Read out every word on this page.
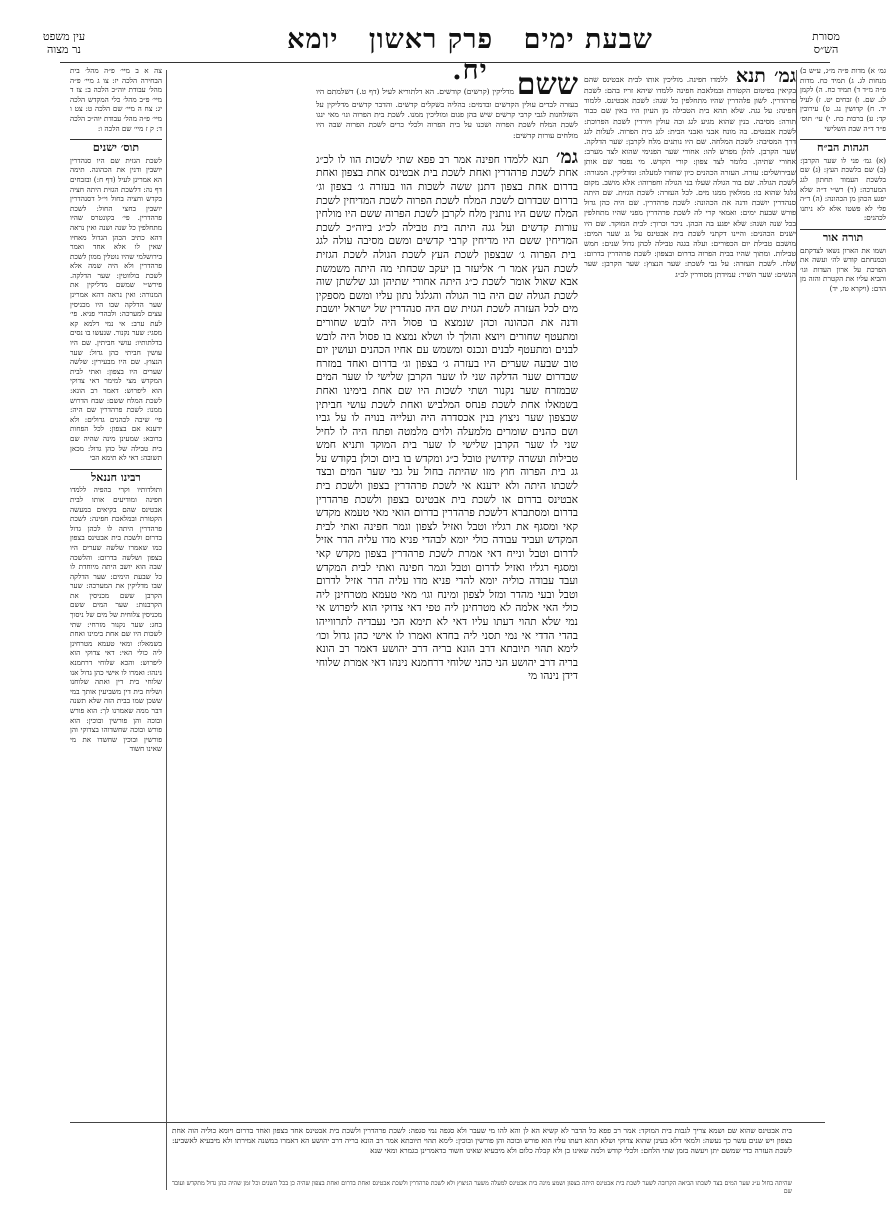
שבעת ימים פרק ראשון יומא יח.
מסורת
הש״ס
עין משפט
נר מצוה
גמ׳ א) מדות פ״ה מ״ג, ע״ש ב) מנחות לג. ג) תמיד כח. מדות פ״ה מ״ד ד) תמיד כח. ה) לקמן לג. שם. ו) זבחים יט. ז) לעיל יד. ח) קדושין נג. ט) עירובין קד: ע) ברכות כח. י) עי׳ תוס׳ פ״ד ד״ה שבת השלישי
הגהות הב״ח
(א) גמ׳ פני לו שער הקרבן: (ב) שם בלשכת העץ: (ג) שם בלשכת העמוד תחתון לגג המערכה: (ד) רש״י ד״ה שלא יפגע הכהן מן הכהונה: (ה) ד״ה פלי לא פשטו אלא לא ניתנו לכהנים:
תורה אור
ושמו את הארון נשאו לצדקתם ובמנחתם קודש לה׳ ועשה את הפרכת על ארון העדות וגו׳ והביא עליו את הקטרת והזה מן הדם: (ויקרא טז, יד)
גמ׳ תנא ללמדו חפינה. מוליכין אותו לבית אבטינס שהם בקיאין בפיטום הקטורת ובמלאכת חפינה ללמדו שיהא זריז בהם: לשכת פרהדרין. לשון פלהדרין שהיו מתחלפין כל שנה: לשכת אבטינס. ללמוד חפינה: על גגה. שלא תהא בית הטבילה מן העיון היו באין שם כבוד תורה: מסיבה. בנין שהוא מגיע לגג ובה עולין ויורדין לשכת הפרוכת: לשכת אבנטים. בה מונח אבני ואבני הבית: לגג בית הפרוה. לעלות לגג דרך המסיבה: לשכת המלחה. שם היו נותנים מלח לקרבן: שער הדלקה. שער הקרבן. להלן מפרש להו: אחורי שער הפנימי שהוא לצד מערב: אחורי שתיהן. כלומר לצד צפון: קורי הקדש. מי נפסד שם אותן שבירושלים: עזרה. העזרה הכהנים כיון שחזרו למעלה: ומדליקין. המנורה: לשכת הגולה. שם בור הגולה שעלו בני הגולה וחפרוהו: אלא מושב. מקום גלגל שהוא בו: ממלאין ממנו מים. לכל העזרה: לשכת הגזית. שם היתה סנהדרין יושבת ודנה את הכהונה: לשכת פרהדרין. שם היה כהן גדול פורש שבעת ימים: ואמאי קרי לה לשכת פרהדרין מפני שהיו מתחלפין בכל שנה ושנה: שלא יפגע בה הכהן. ניכר וכרוך: לבית המוקד. שם היו ישנים הכהנים: והיינו דקתני לשכת בית אבטינס על גג שער המים: מושבם טבילת יום הכפורים: ועלה בגגה טבילה לכהן גדול שנים: חמש טבילות. ומתוך שהיו בבית הפרוה בדרום ובצפון: לשכת פרהדרין בדרום: שלח. לשכת העזרה: על גבי לשכת: שער הנצוץ: שער הקרבן: שער הנשים: שער השיר: עמידתן מסודרין לכ״ג
ששם מדליקין (קרשים) קודשים. הא דלתוריא לעיל (דף ט.) דשלמתם היו בעזרה לבדים עולין הקדשים ובדמים: בהליה בשקלים קדשים. והדבר קדשים מדליקין על השולחנות לגבי קרבי קרשים שיש בהן פגום ומוליכין ממנו. לשכת בית הפרוה ונו׳ מאי ינגו לשכת המלח לשכת הפרוה ושכנו על בית הפרוה ולכלי כרים לשכת הפרוה שבה היו מולחים עורות קדשים:
גמ׳ תנא ללמדו חפינה אמר רב פפא שתי לשכות הוו לו לכ״ג אחת לשכת פרהדרין ואחת לשכת בית אבטינס אחת בצפון ואחת בדרום אחת בצפון דתנן ששה לשכות הוו בעזרה ג׳ בצפון וג׳ בדרום שבדרום לשכת המלח לשכת הפרוה לשכת המדיחין לשכת המלח ששם היו נותנין מלח לקרבן לשכת הפרוה ששם היו מולחין עורות קדשים ועל גגה היתה בית טבילה לכ״ג ביוה״כ לשכת המדיחין ששם היו מדיחין קרבי קדשים ומשם מסיבה עולה לגג בית הפרוה ג׳ שבצפון לשכת העץ לשכת הגולה לשכת הגזית לשכת העץ אמר ר׳ אליעזר בן יעקב שכחתי מה היתה משמשת אבא שאול אומר לשכת כ״ג היתה אחורי שתיהן וגג שלשתן שוה לשכת הגולה שם היה בור הגולה והגלגל נתון עליו ומשם מספקין מים לכל העזרה לשכת הגזית שם היה סנהדרין של ישראל יושבת ודנה את הכהונה וכהן שנמצא בו פסול היה לובש שחורים ומתעטף שחורים ויוצא והולך לו ושלא נמצא בו פסול היה לובש לבנים ומתעטף לבנים ונכנס ומשמש עם אחיו הכהנים ועושין יום טוב שבעה שערים היו בעזרה ג׳ בצפון וג׳ בדרום ואחד במזרח שבדרום שער הדלקה שני לו שער הקרבן שלישי לו שער המים שבמזרח שער נקנור ושתי לשכות היו שם אחת בימינו ואחת בשמאלו אחת לשכת פנחס המלביש ואחת לשכת עושי חביתין שבצפון שער ניצוץ בנין אכסדרה היה ועלייה בנויה לו על גביו ושם כהנים שומרים מלמעלה ולוים מלמטה ופתח היה לו לחיל שני לו שער הקרבן שלישי לו שער בית המוקד ותניא חמש טבילות ועשרה קידושין טובל כ״ג ומקדש בו ביום וכולן בקודש על גג בית הפרוה חוץ מזו שהיתה בחול על גבי שער המים ובצד לשכתו היתה ולא ידענא אי לשכת פרהדרין בצפון ולשכת בית אבטינס בדרום או לשכת בית אבטינס בצפון ולשכת פרהדרין בדרום ומסתברא דלשכת פרהדרין בדרום הואי מאי טעמא מקדש קאי ומסגף את רגליו וטבל ואזיל לצפון וגמר חפינה ואתי לבית המקדש ועביד עבודה כולי יומא לבהדי פניא מדו עליה הדר אזיל לדרום וטבל ונייח דאי אמרת לשכת פרהדרין בצפון מקדש קאי ומסגף רגליו ואזיל לדרום וטבל וגמר חפינה ואתי לבית המקדש ועבד עבודה כוליה יומא להדי פניא מדו עליה הדר אזיל לדרום וטבל ובעי מהדר ומזל לצפון ומינח וגו׳ מאי טעמא מטרחינן ליה כולי האי אלמה לא מטרחינן ליה טפי דאי צדוקי הוא ליפרוש אי נמי שלא תהוי דעתו עליו דאי לא תימא הכי נעבדיה לתרווייהו בהדי הדדי אי נמי תסני ליה בחדא ואמרו לו אישי כהן גדול וכו׳ לימא תהוי תיובתא דרב הונא בריה דרב יהושע דאמר רב הונא בריה דרב יהושע הני כהני שלוחי דרחמנא נינהו דאי אמרת שלוחי דידן נינהו מי
צה א ב מיי׳ פ״ה מהל׳ בית הבחירה הלכה יז: צו ג מיי׳ פ״ה מהל׳ עבודת יוה״כ הלכה ב: צז ד מיי׳ פ״ב מהל׳ כלי המקדש הלכה יג: צח ה מיי׳ שם הלכה ט: צט ו מיי׳ פ״ה מהל׳ עבודת יוה״כ הלכה ד: ק ז מיי׳ שם הלכה ו:
תוס׳ ישנים
לשכת הגזית שם היו סנהדרין יושבין ודנין את הכהונה. תימה הא אמרינן לעיל (דף ח:) ובזבחים דף נה: דלשכת הגזית היתה חציה בקדש וחציה בחול וי״ל דסנהדרין יושבין בחצי החול: לשכת פרהדרין. פי׳ בקונטרס שהיו מתחלפין כל שנה ושנה ואין נראה דהא כתיב הכהן הגדול מאחיו שאין לו אלא אחד ואמר בירושלמי שהיו נוטלין ממון לשכת פרהדרין ולא היה שמה אלא לשכת בולווטין: שער הדלקה. פירש״י שמשם מדליקין את המנורה: ואין נראה דהא אמרינן שער הדלקה שבו היו מכניסין עצים למערכה: ולבהדי פניא. פי׳ לעת ערב: אי נמי דלמא קא מסגי: שער נקנור. שנעשו בו נסים בדלתותיו: עושי חביתין. שם היו עושין חביתי כהן גדול: שער הנצוץ. שם היו מבעירין: שלשה שערים היו בצפון: ואתי לבית המקדש מצי למימר דאי צדוקי הוא ליפרוש: דאמר רב הונא: לשכת המלח ששם: שבח הדרוש ממנו: לשכת פרהדרין שם היה: פי׳ שיבה לכהנים גדולים: ולא ידענא אם בצפון: לכל הפחות ברובא: שמעינן מינה שהיה שם בית טבילה של כהן גדול: מכאן תשובה: דאי לא תימא הכי
רבינו חננאל
ותולדותיו וקרי בהפיה ללמדו חפינה ומודיעים אותו לבית אבטינס שהם בקיאים במעשה הקטורת ובמלאכת חפינה: לשכת פרהדרין היתה לו לכהן גדול בדרום ולשכת בית אבטינס בצפון כמו שאמרו שלשה שערים היו בצפון ושלשה בדרום: והלשכה שבה הוא יושב היתה מיוחדת לו כל שבעת הימים: שער הדלקה שבו מדליקין את המערכה: שער הקרבן ששם מכניסין את הקרבנות: שער המים ששם מכניסין צלוחית של מים של ניסוך בחג: שער נקנור מזרחי: שתי לשכות היו שם אחת בימינו ואחת בשמאלו: ומאי טעמא מטרחינן ליה כולי האי: דאי צדוקי הוא ליפרוש: והכא שלוחי דרחמנא נינהו: ואמרו לו אישי כהן גדול אנו שלוחי בית דין ואתה שלוחנו ושליח בית דין משביעין אותך במי ששכן שמו בבית הזה שלא תשנה דבר ממה שאמרנו לך: הוא פורש ובוכה והן פורשין ובוכין: הוא פורש ובוכה שחשדוהו בצדוקי והן פורשין ובוכין שחשדו את מי שאינו חשוד
בית אבטינס שהוא שם ושמא צריך לגבות בית המוקד: אמר רב פפא כל הדבר לא קשיא הא לן והא להו מי שעבר ולא סגפה נמי סגפה: לשכת פרהדרין ולשכת בית אבטינס אחד בצפון ואחד בדרום ויומא כוליה הוה אחת בצפון ויש שנים עשר כך נעשה: ולמאי דלא בעינן שהוא צדוקי ושלא תהא דעתו עליו הוא פורש ובוכה והן פורשין ובוכין: לימא תהוי תיובתא אמר רב הונא בריה דרב יהושע הא דאמרו במשנה אמירתו ולא מיבעיא לאשביע: לשכת העזרה כדי שמשם יתן ויעשה בזמן שתי הלחם: ולכלי קודש ולמה שאינו כן ולא קבלה כלום ולא מיבעיא שאינו חשוד כדאמרינן בגמרא ומאי שנא
שהיתה בחול ע״ג שער המים בצד לשכתו הביאה הקרובה לשער לשכת בית אבטינס היתה בצפון ושמע מינה בית אבטינס למעלה משער הניצוץ ולא לשכת פרהדרין ולשכת אבטינס ואחת בדרום ואחת בצפון שהיה כן בכל השנים וכל זמן שהיה כהן גדול מתקדש ועובד שם
